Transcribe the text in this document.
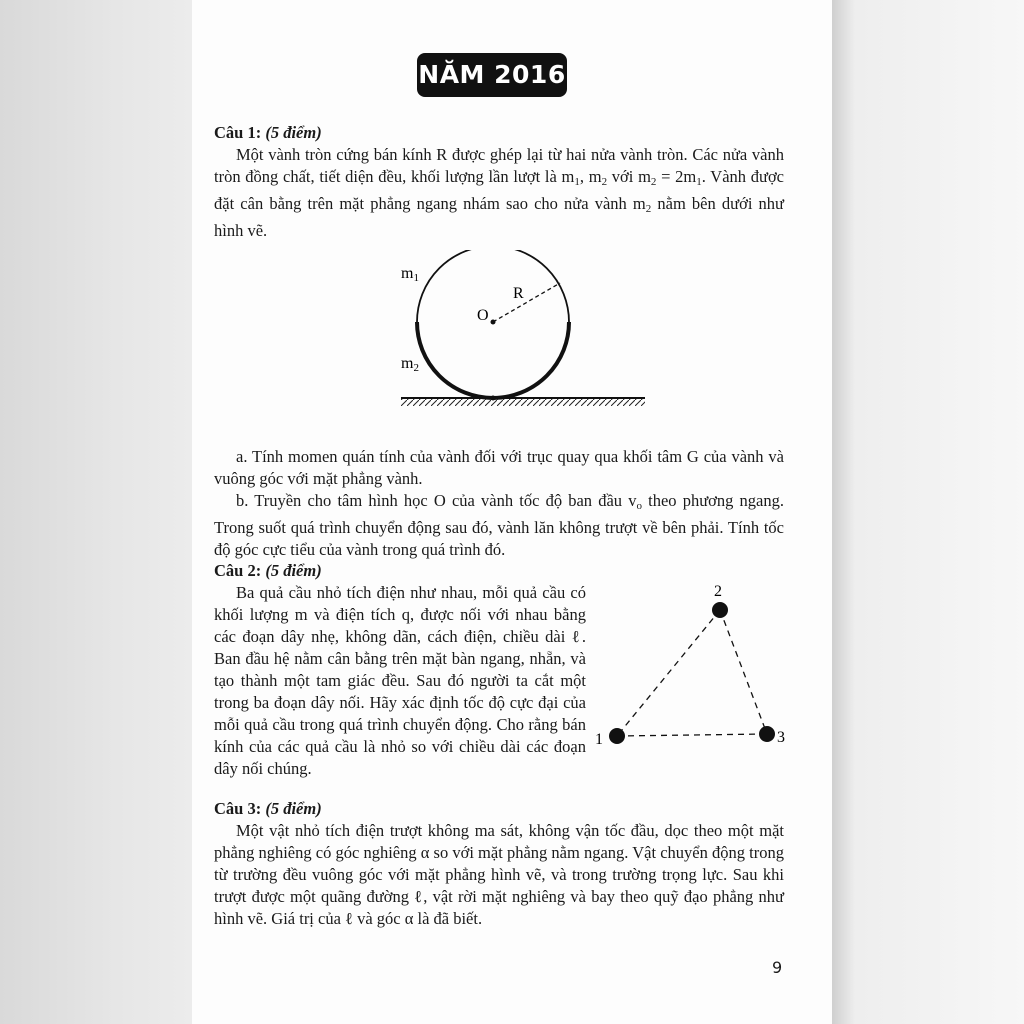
NĂM 2016

Câu 1: (5 điểm)

Một vành tròn cứng bán kính R được ghép lại từ hai nửa vành tròn. Các nửa vành tròn đồng chất, tiết diện đều, khối lượng lần lượt là $m_1$, $m_2$ với $m_2 = 2m_1$. Vành được đặt cân bằng trên mặt phẳng ngang nhám sao cho nửa vành $m_2$ nằm bên dưới như hình vẽ.

m1
m2
O
R

a. Tính momen quán tính của vành đối với trục quay qua khối tâm G của vành và vuông góc với mặt phẳng vành.

b. Truyền cho tâm hình học O của vành tốc độ ban đầu $v_o$ theo phương ngang. Trong suốt quá trình chuyển động sau đó, vành lăn không trượt về bên phải. Tính tốc độ góc cực tiểu của vành trong quá trình đó.

Câu 2: (5 điểm)

Ba quả cầu nhỏ tích điện như nhau, mỗi quả cầu có khối lượng m và điện tích q, được nối với nhau bằng các đoạn dây nhẹ, không dãn, cách điện, chiều dài ℓ. Ban đầu hệ nằm cân bằng trên mặt bàn ngang, nhẵn, và tạo thành một tam giác đều. Sau đó người ta cắt một trong ba đoạn dây nối. Hãy xác định tốc độ cực đại của mỗi quả cầu trong quá trình chuyển động. Cho rằng bán kính của các quả cầu là nhỏ so với chiều dài các đoạn dây nối chúng.

2
1	3

Câu 3: (5 điểm)

Một vật nhỏ tích điện trượt không ma sát, không vận tốc đầu, dọc theo một mặt phẳng nghiêng có góc nghiêng α so với mặt phẳng nằm ngang. Vật chuyển động trong từ trường đều vuông góc với mặt phẳng hình vẽ, và trong trường trọng lực. Sau khi trượt được một quãng đường ℓ, vật rời mặt nghiêng và bay theo quỹ đạo phẳng như hình vẽ. Giá trị của ℓ và góc α là đã biết.

9
